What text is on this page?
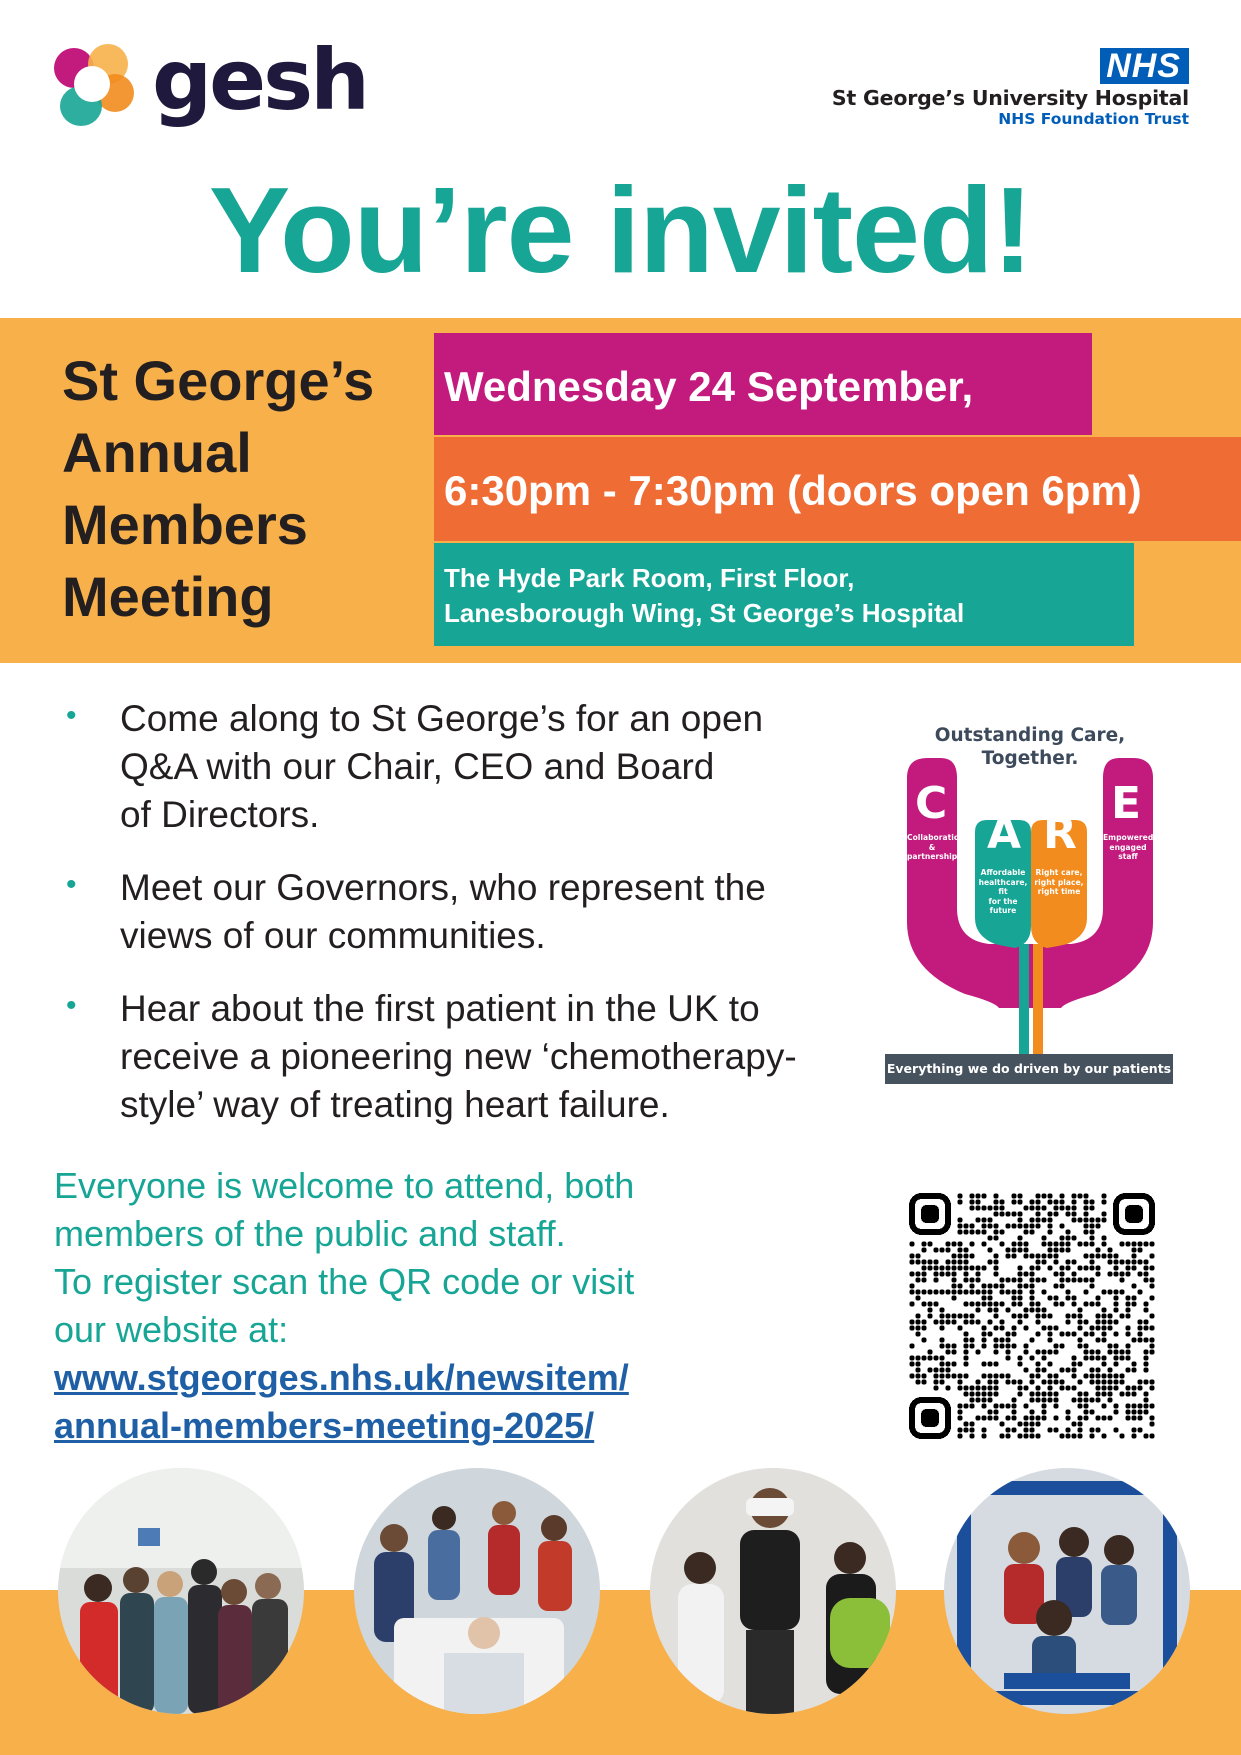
gesh	NHS
St George’s University Hospital
NHS Foundation Trust
You’re invited!
St George’s
Annual
Members
Meeting
Wednesday 24 September,
6:30pm - 7:30pm (doors open 6pm)
The Hyde Park Room, First Floor,
Lanesborough Wing, St George’s Hospital
• Come along to St George’s for an open
Q&A with our Chair, CEO and Board
of Directors.
• Meet our Governors, who represent the
views of our communities.
• Hear about the first patient in the UK to
receive a pioneering new ‘chemotherapy-
style’ way of treating heart failure.
Outstanding Care,
Together.
C
A R
E
Collaboration
& partnership
Affordable
healthcare, fit
for the future
Right care,
right place,
right time
Empowered,
engaged staff
Everything we do driven by our patients
Everyone is welcome to attend, both
members of the public and staff.
To register scan the QR code or visit
our website at:
www.stgeorges.nhs.uk/newsitem/
annual-members-meeting-2025/
